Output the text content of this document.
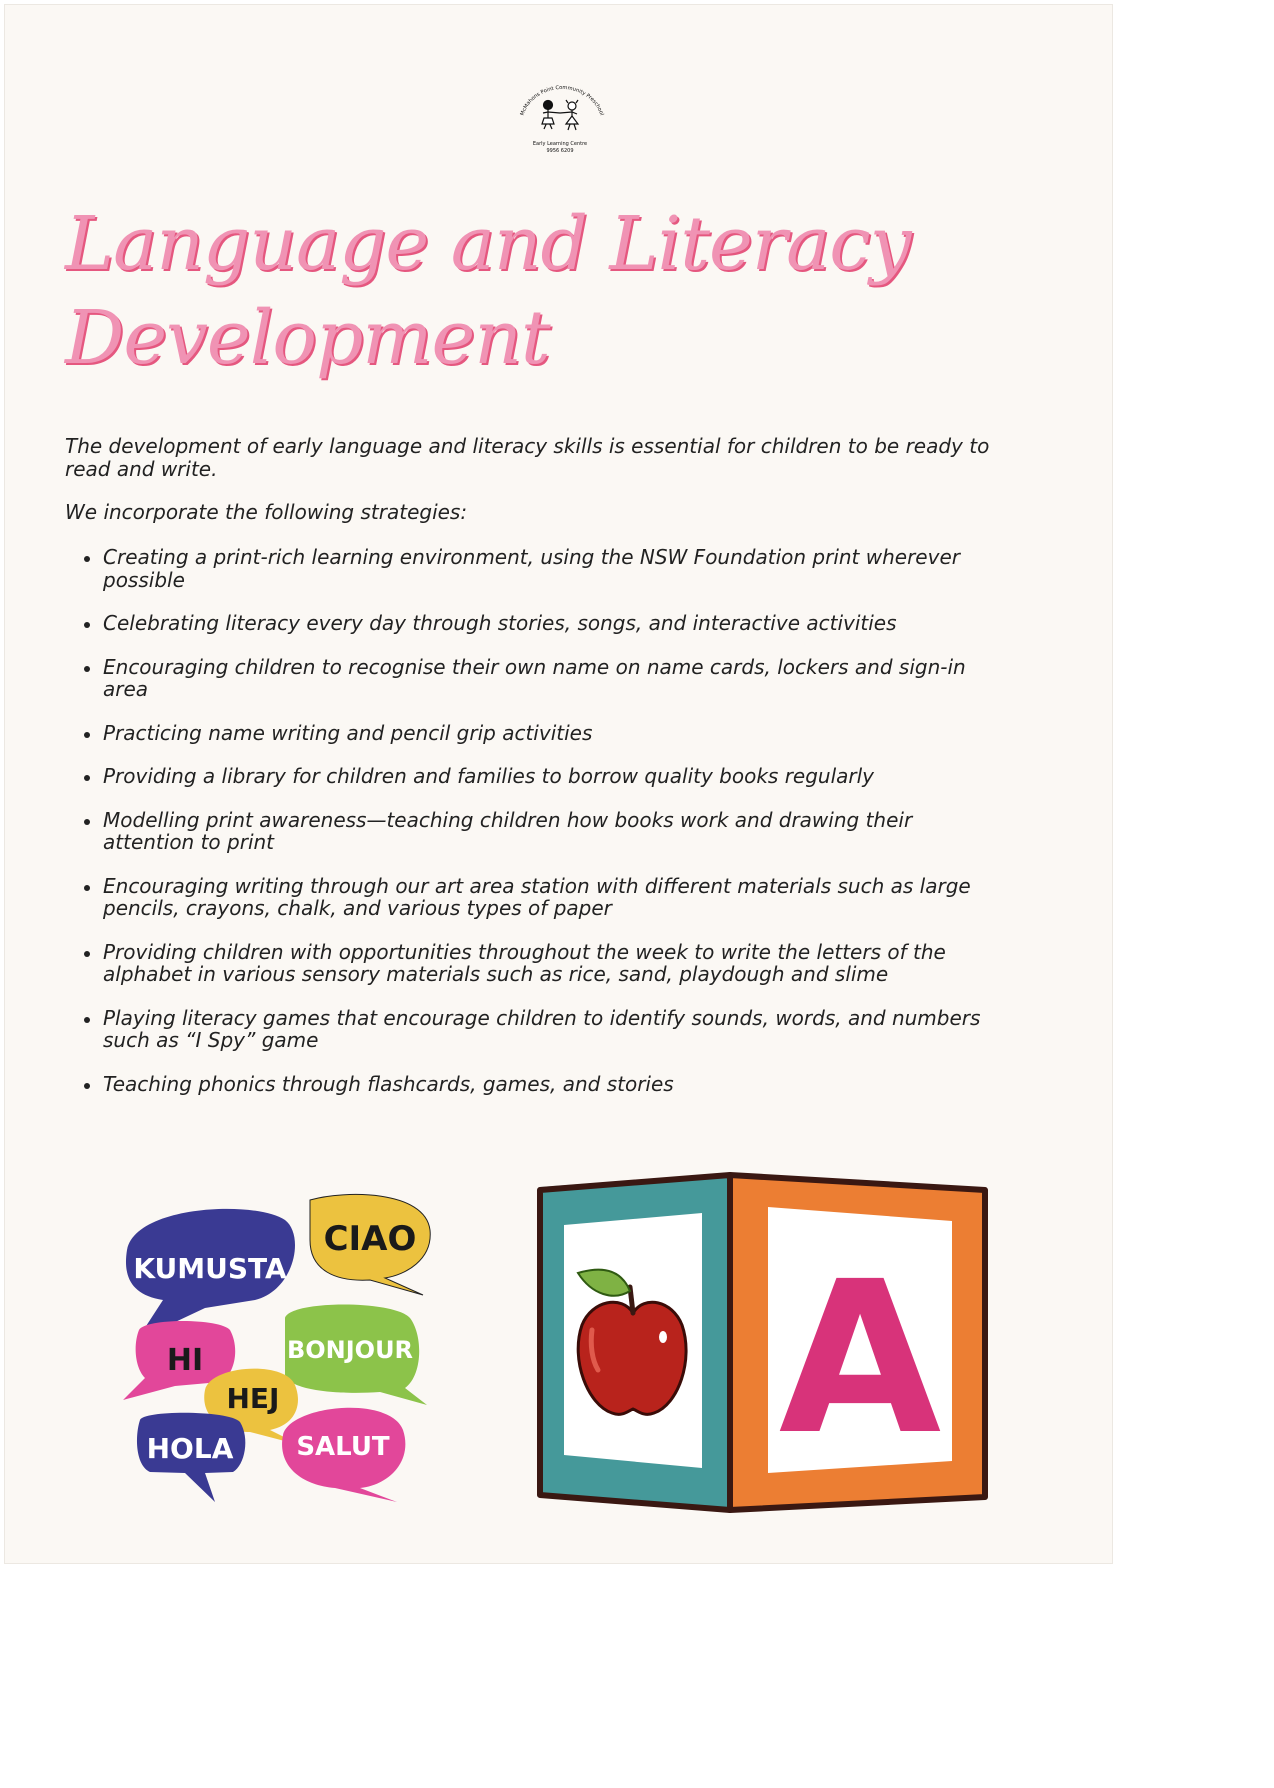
McMahons Point Community Preschool
Early Learning Centre
9956 6209
Language and Literacy
Development

The development of early language and literacy skills is essential for children to be ready to read and write.

We incorporate the following strategies:

Creating a print-rich learning environment, using the NSW Foundation print wherever possible
Celebrating literacy every day through stories, songs, and interactive activities
Encouraging children to recognise their own name on name cards, lockers and sign-in area
Practicing name writing and pencil grip activities
Providing a library for children and families to borrow quality books regularly
Modelling print awareness—teaching children how books work and drawing their attention to print
Encouraging writing through our art area station with different materials such as large pencils, crayons, chalk, and various types of paper
Providing children with opportunities throughout the week to write the letters of the alphabet in various sensory materials such as rice, sand, playdough and slime
Playing literacy games that encourage children to identify sounds, words, and numbers such as “I Spy” game
Teaching phonics through flashcards, games, and stories
CIAO
KUMUSTA
BONJOUR
HI
HEJ
HOLA SALUT A
